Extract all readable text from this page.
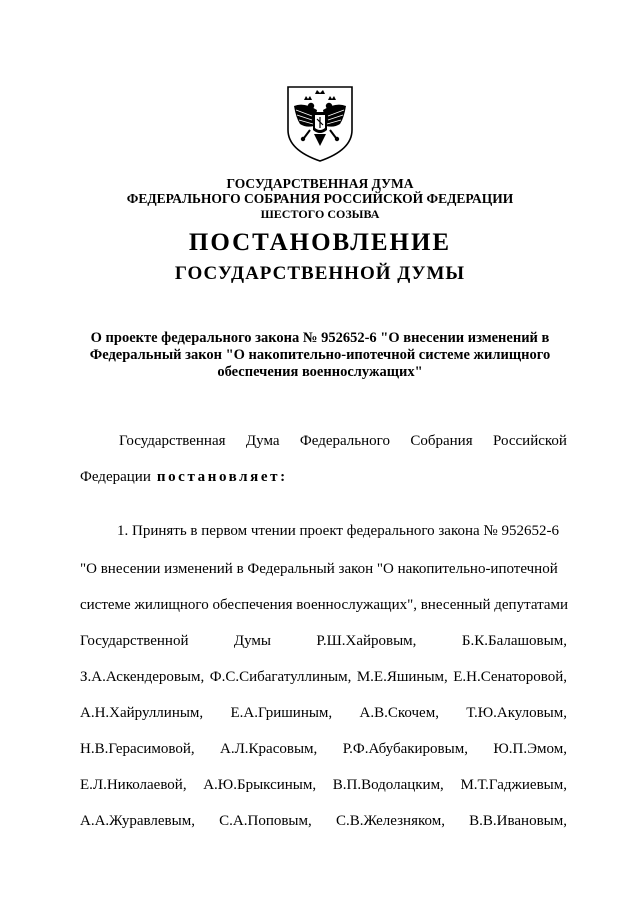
ГОСУДАРСТВЕННАЯ ДУМА
ФЕДЕРАЛЬНОГО СОБРАНИЯ РОССИЙСКОЙ ФЕДЕРАЦИИ
ШЕСТОГО СОЗЫВА
ПОСТАНОВЛЕНИЕ
ГОСУДАРСТВЕННОЙ ДУМЫ
О проекте федерального закона № 952652-6 "О внесении изменений в
Федеральный закон "О накопительно-ипотечной системе жилищного
обеспечения военнослужащих"
Государственная Дума Федерального Собрания Российской
Федерации постановляет:
1. Принять в первом чтении проект федерального закона № 952652-6
"О внесении изменений в Федеральный закон "О накопительно-ипотечной
системе жилищного обеспечения военнослужащих", внесенный депутатами
Государственной	Думы	Р.Ш.Хайровым,	Б.К.Балашовым,
З.А.Аскендеровым, Ф.С.Сибагатуллиным, М.Е.Яшиным, Е.Н.Сенаторовой,
А.Н.Хайруллиным, Е.А.Гришиным, А.В.Скочем, Т.Ю.Акуловым,
Н.В.Герасимовой, А.Л.Красовым, Р.Ф.Абубакировым, Ю.П.Эмом,
Е.Л.Николаевой, А.Ю.Брыксиным, В.П.Водолацким, М.Т.Гаджиевым,
А.А.Журавлевым, С.А.Поповым, С.В.Железняком, В.В.Ивановым,
